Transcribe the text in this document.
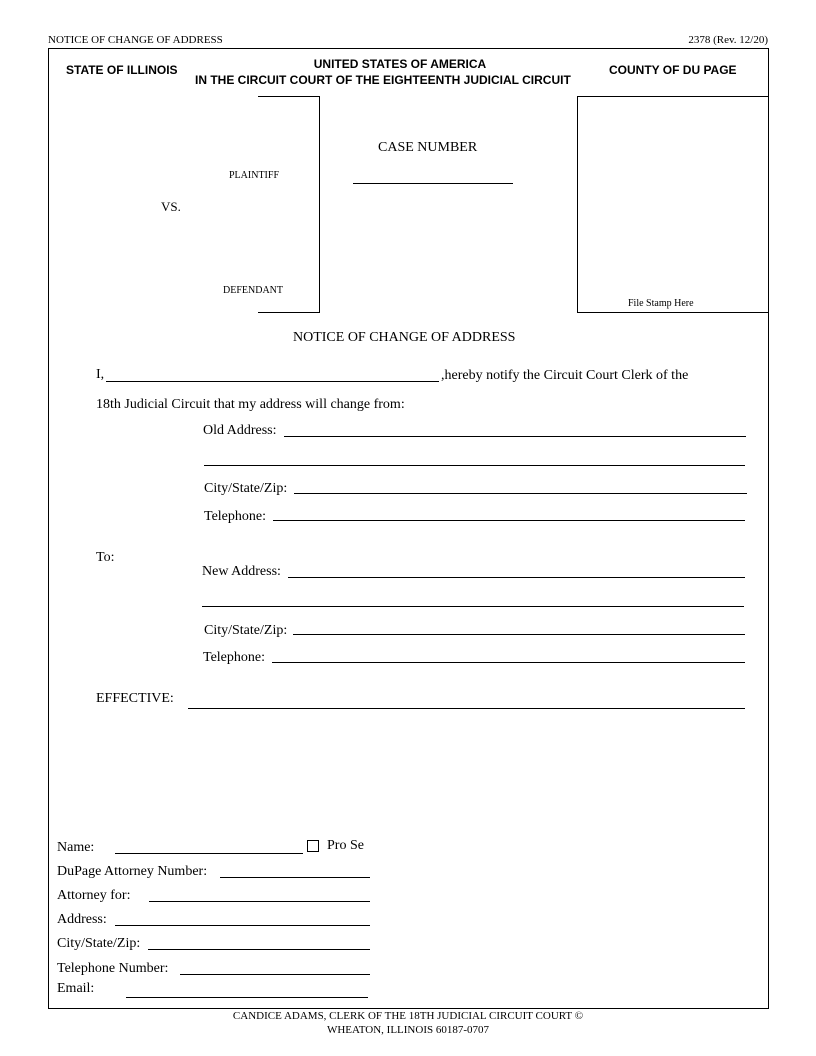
NOTICE OF CHANGE OF ADDRESS	2378 (Rev. 12/20)
STATE OF ILLINOIS	UNITED STATES OF AMERICA
IN THE CIRCUIT COURT OF THE EIGHTEENTH JUDICIAL CIRCUIT
COUNTY OF DU PAGE
PLAINTIFF
VS.
DEFENDANT
CASE NUMBER
File Stamp Here
NOTICE OF CHANGE OF ADDRESS
I,	,hereby notify the Circuit Court Clerk of the
18th Judicial Circuit that my address will change from:
Old Address:
City/State/Zip:
Telephone:
To:
New Address:
City/State/Zip:
Telephone:
EFFECTIVE:
Name:	Pro Se
DuPage Attorney Number:
Attorney for:
Address:
City/State/Zip:
Telephone Number:
Email:
CANDICE ADAMS, CLERK OF THE 18TH JUDICIAL CIRCUIT COURT ©
WHEATON, ILLINOIS 60187-0707
